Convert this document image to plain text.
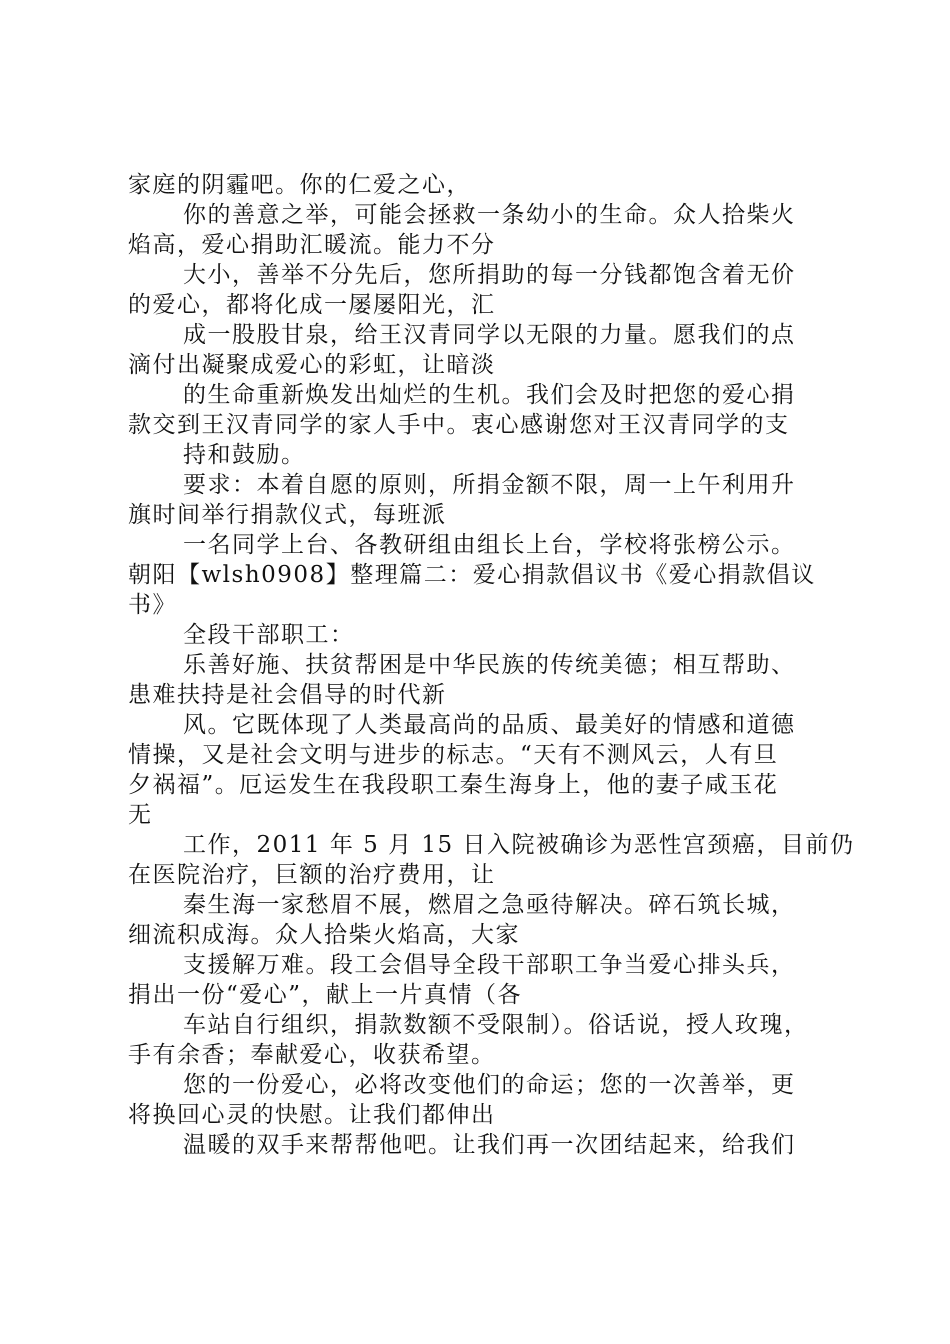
家庭的阴霾吧。你的仁爱之心，
你的善意之举，可能会拯救一条幼小的生命。众人拾柴火
焰高，爱心捐助汇暖流。能力不分
大小，善举不分先后，您所捐助的每一分钱都饱含着无价
的爱心，都将化成一屡屡阳光，汇
成一股股甘泉，给王汉青同学以无限的力量。愿我们的点
滴付出凝聚成爱心的彩虹，让暗淡
的生命重新焕发出灿烂的生机。我们会及时把您的爱心捐
款交到王汉青同学的家人手中。衷心感谢您对王汉青同学的支
持和鼓励。
要求：本着自愿的原则，所捐金额不限，周一上午利用升
旗时间举行捐款仪式，每班派
一名同学上台、各教研组由组长上台，学校将张榜公示。
朝阳【wlsh0908】整理篇二：爱心捐款倡议书《爱心捐款倡议
书》
全段干部职工：
乐善好施、扶贫帮困是中华民族的传统美德；相互帮助、
患难扶持是社会倡导的时代新
风。它既体现了人类最高尚的品质、最美好的情感和道德
情操，又是社会文明与进步的标志。“天有不测风云，人有旦
夕祸福”。厄运发生在我段职工秦生海身上，他的妻子咸玉花
无
工作，2011 年 5 月 15 日入院被确诊为恶性宫颈癌，目前仍
在医院治疗，巨额的治疗费用，让
秦生海一家愁眉不展，燃眉之急亟待解决。碎石筑长城，
细流积成海。众人拾柴火焰高，大家
支援解万难。段工会倡导全段干部职工争当爱心排头兵，
捐出一份“爱心”，献上一片真情（各
车站自行组织，捐款数额不受限制）。俗话说，授人玫瑰，
手有余香；奉献爱心，收获希望。
您的一份爱心，必将改变他们的命运；您的一次善举，更
将换回心灵的快慰。让我们都伸出
温暖的双手来帮帮他吧。让我们再一次团结起来，给我们
